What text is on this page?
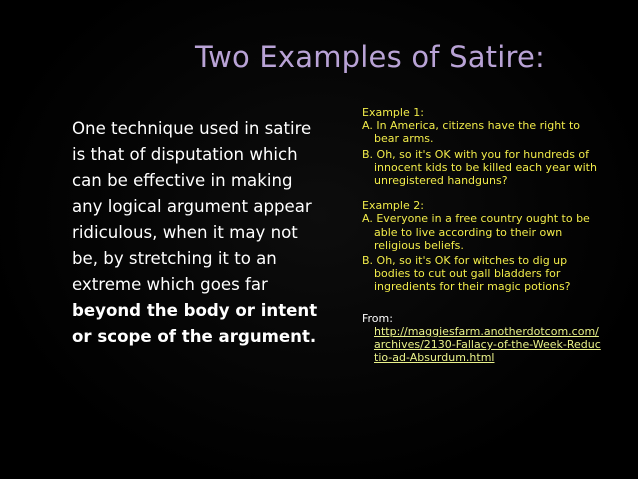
Two Examples of Satire:
One technique used in satire is that of disputation which can be effective in making any logical argument appear ridiculous, when it may not be, by stretching it to an extreme which goes far beyond the body or intent or scope of the argument.
Example 1:
A. In America, citizens have the right to bear arms.
B. Oh, so it's OK with you for hundreds of innocent kids to be killed each year with unregistered handguns?
Example 2:
A. Everyone in a free country ought to be able to live according to their own religious beliefs.
B. Oh, so it's OK for witches to dig up bodies to cut out gall bladders for ingredients for their magic potions?
From:
http://maggiesfarm.anotherdotcom.com/archives/2130-Fallacy-of-the-Week-Reductio-ad-Absurdum.html
